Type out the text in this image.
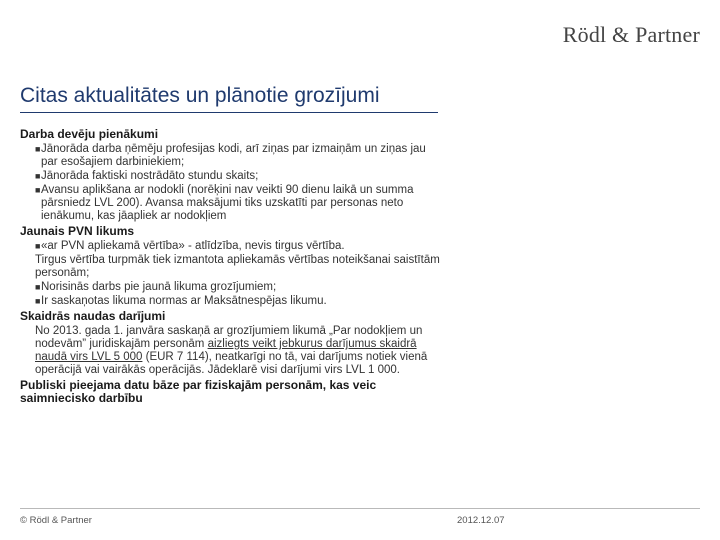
Rödl & Partner
Citas aktualitātes un plānotie grozījumi
Darba devēju pienākumi
■ Jānorāda darba ņēmēju profesijas kodi, arī ziņas par izmaiņām un ziņas jau par esošajiem darbiniekiem;
■ Jānorāda faktiski nostrādāto stundu skaits;
■ Avansu aplikšana ar nodokli (norēķini nav veikti 90 dienu laikā un summa pārsniedz LVL 200). Avansa maksājumi tiks uzskatīti par personas neto ienākumu, kas jāapliek ar nodokļiem
Jaunais PVN likums
■ «ar PVN apliekamā vērtība» - atlīdzība, nevis tirgus vērtība.
Tirgus vērtība turpmāk tiek izmantota apliekamās vērtības noteikšanai saistītām personām;
■ Norisinās darbs pie jaunā likuma grozījumiem;
■ Ir saskaņotas likuma normas ar Maksātnespējas likumu.
Skaidrās naudas darījumi
No 2013. gada 1. janvāra saskaņā ar grozījumiem likumā „Par nodokļiem un nodevām” juridiskajām personām aizliegts veikt jebkurus darījumus skaidrā naudā virs LVL 5 000 (EUR 7 114), neatkarīgi no tā, vai darījums notiek vienā operācijā vai vairākās operācijās. Jādeklarē visi darījumi virs LVL 1 000.
Publiski pieejama datu bāze par fiziskajām personām, kas veic saimniecisko darbību
© Rödl & Partner	2012.12.07
